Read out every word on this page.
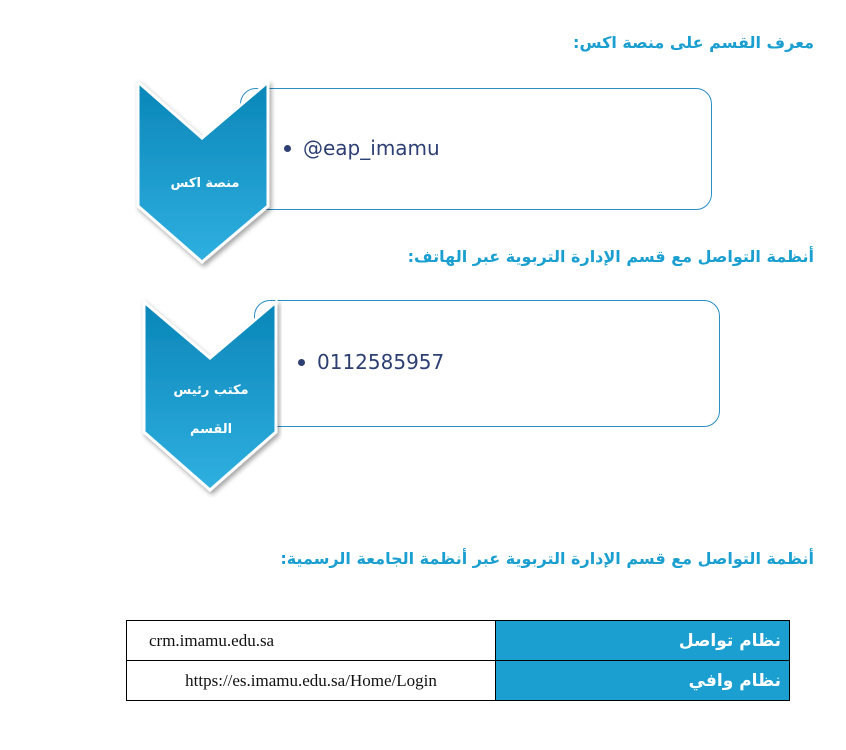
معرف القسم على منصة اكس:
@eap_imamu
منصة اكس
أنظمة التواصل مع قسم الإدارة التربوية عبر الهاتف:
0112585957
مكتب رئيس
القسم
أنظمة التواصل مع قسم الإدارة التربوية عبر أنظمة الجامعة الرسمية:
crm.imamu.edu.sa	نظام تواصل
https://es.imamu.edu.sa/Home/Login	نظام وافي
